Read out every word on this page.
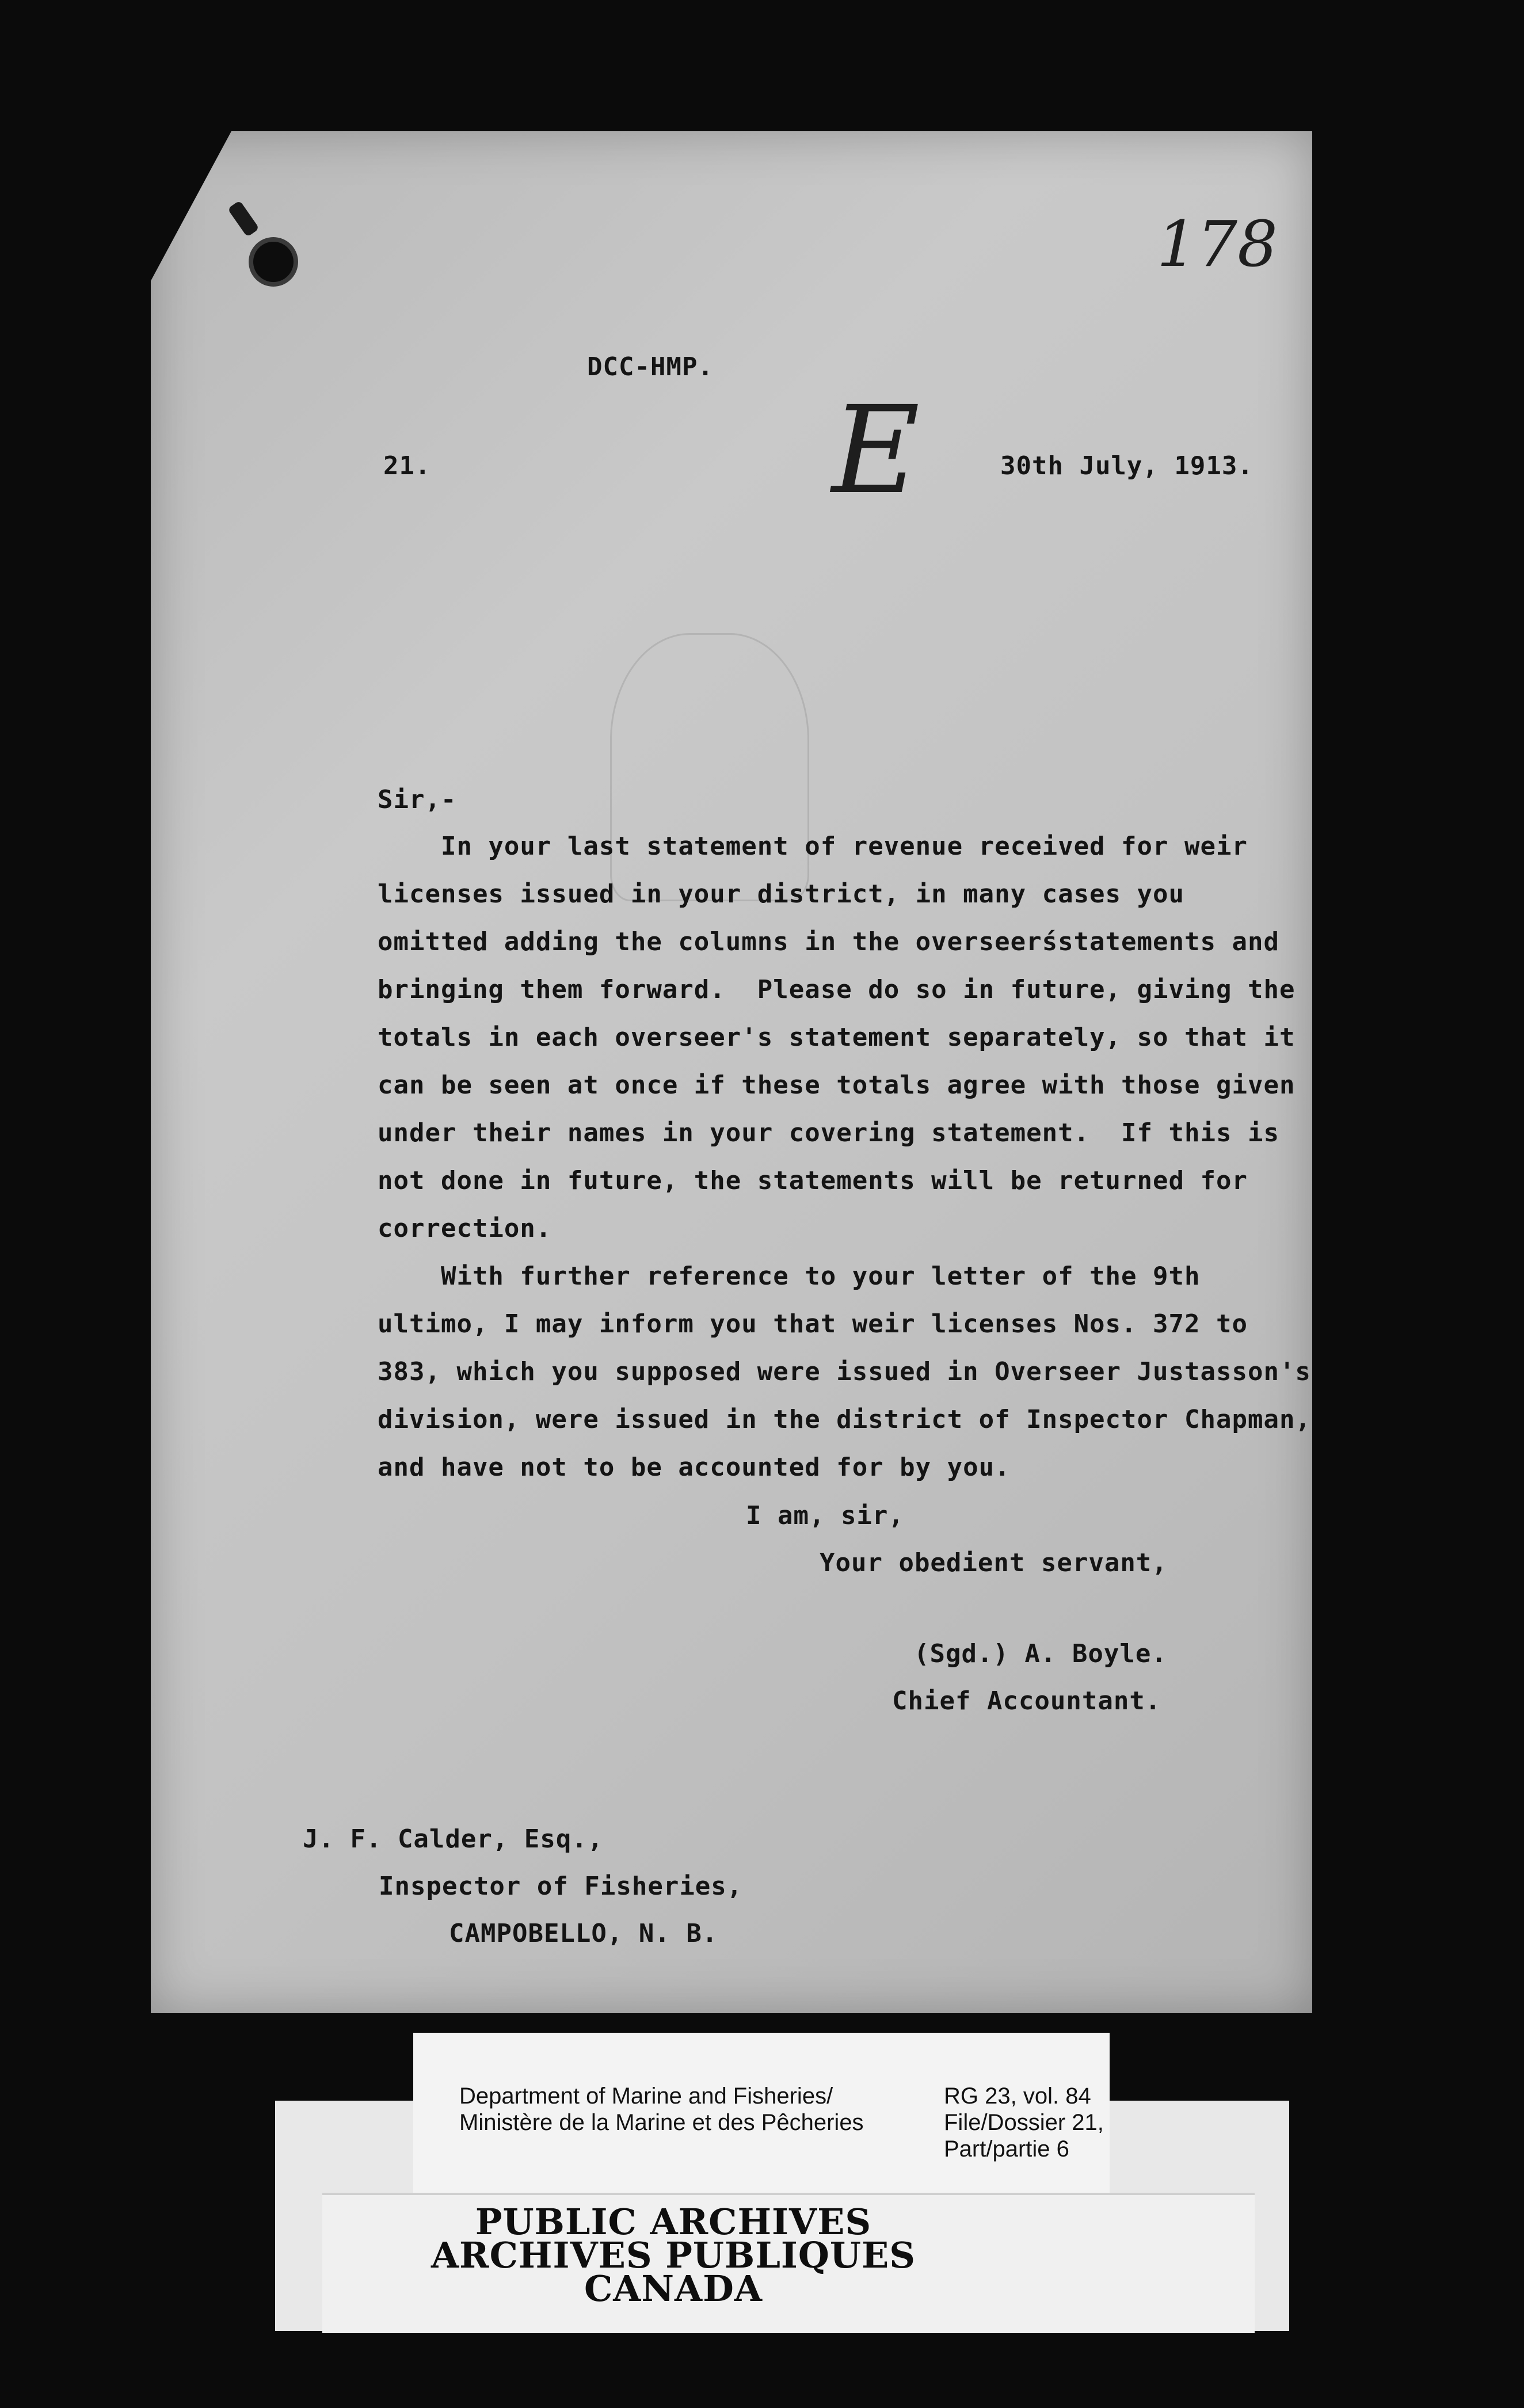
178
E
DCC-HMP.
21.	30th July, 1913.
Sir,-
In your last statement of revenue received for weir
licenses issued in your district, in many cases you
omitted adding the columns in the overseerśstatements and
bringing them forward.  Please do so in future, giving the
totals in each overseer's statement separately, so that it
can be seen at once if these totals agree with those given
under their names in your covering statement.  If this is
not done in future, the statements will be returned for
correction.
With further reference to your letter of the 9th
ultimo, I may inform you that weir licenses Nos. 372 to
383, which you supposed were issued in Overseer Justasson's
division, were issued in the district of Inspector Chapman,
and have not to be accounted for by you.
I am, sir,
Your obedient servant,
(Sgd.) A. Boyle.
Chief Accountant.
J. F. Calder, Esq.,
Inspector of Fisheries,
CAMPOBELLO, N. B.
Department of Marine and Fisheries/
Ministère de la Marine et des Pêcheries
RG 23, vol. 84
File/Dossier 21,
Part/partie 6
PUBLIC ARCHIVES
ARCHIVES PUBLIQUES
CANADA
